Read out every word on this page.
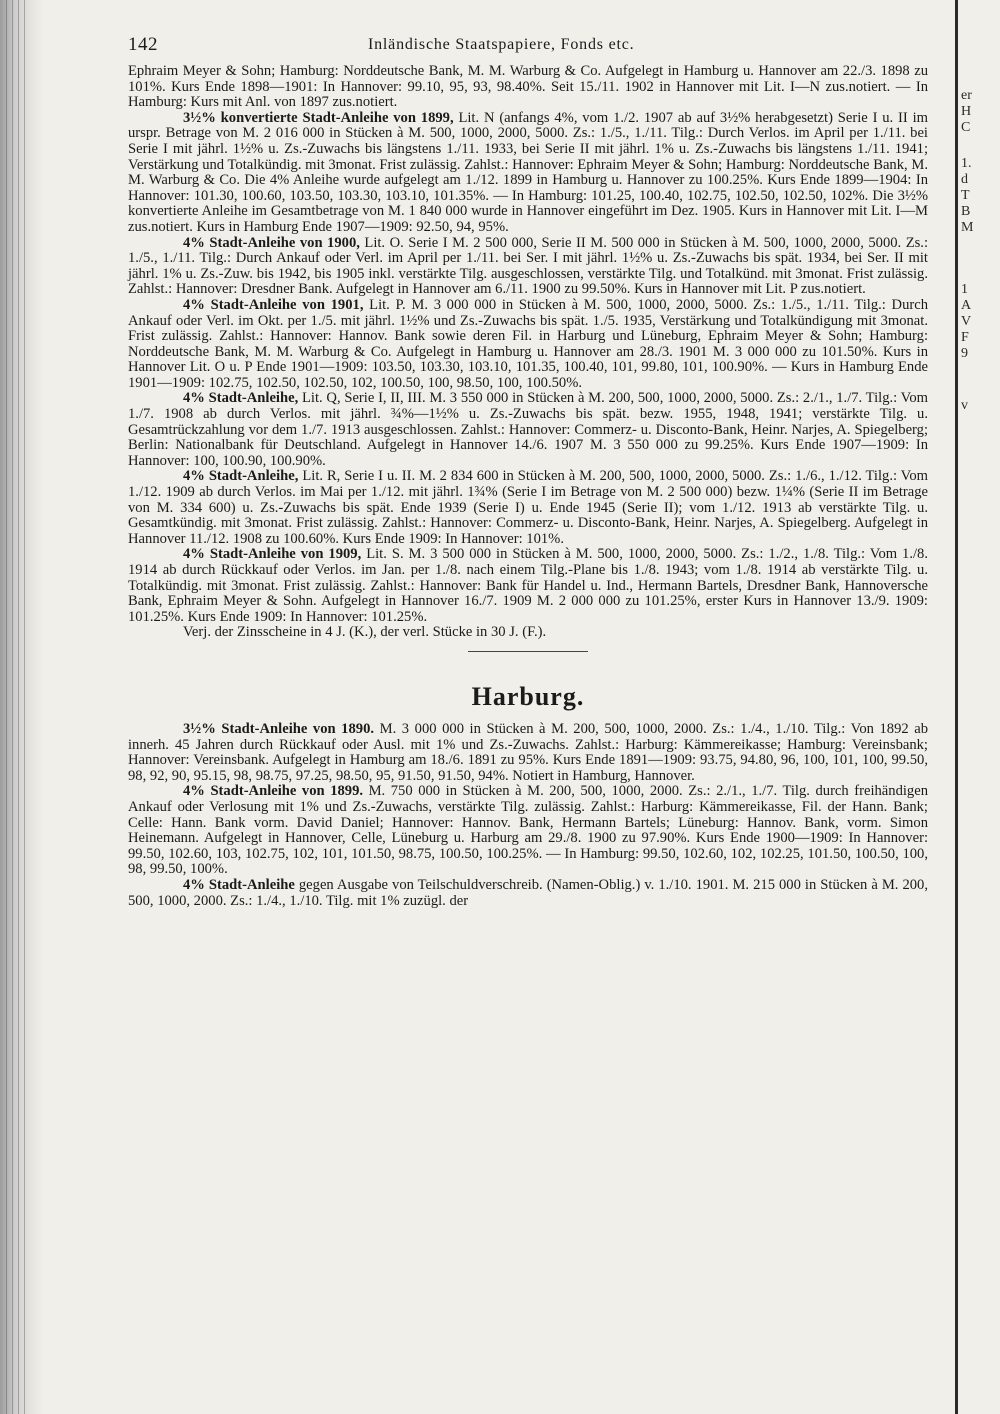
er
H
C
1.
d
T
B
M
1
A
V
F
9
v
142	Inländische Staatspapiere, Fonds etc.

Ephraim Meyer & Sohn; Hamburg: Norddeutsche Bank, M. M. Warburg & Co. Aufgelegt in Hamburg u. Hannover am 22./3. 1898 zu 101%. Kurs Ende 1898—1901: In Hannover: 99.10, 95, 93, 98.40%. Seit 15./11. 1902 in Hannover mit Lit. I—N zus.notiert. — In Hamburg: Kurs mit Anl. von 1897 zus.notiert.

3½% konvertierte Stadt-Anleihe von 1899, Lit. N (anfangs 4%, vom 1./2. 1907 ab auf 3½% herabgesetzt) Serie I u. II im urspr. Betrage von M. 2 016 000 in Stücken à M. 500, 1000, 2000, 5000. Zs.: 1./5., 1./11. Tilg.: Durch Verlos. im April per 1./11. bei Serie I mit jährl. 1½% u. Zs.-Zuwachs bis längstens 1./11. 1933, bei Serie II mit jährl. 1% u. Zs.-Zuwachs bis längstens 1./11. 1941; Verstärkung und Totalkündig. mit 3monat. Frist zulässig. Zahlst.: Hannover: Ephraim Meyer & Sohn; Hamburg: Norddeutsche Bank, M. M. Warburg & Co. Die 4% Anleihe wurde aufgelegt am 1./12. 1899 in Hamburg u. Hannover zu 100.25%. Kurs Ende 1899—1904: In Hannover: 101.30, 100.60, 103.50, 103.30, 103.10, 101.35%. — In Hamburg: 101.25, 100.40, 102.75, 102.50, 102.50, 102%. Die 3½% konvertierte Anleihe im Gesamtbetrage von M. 1 840 000 wurde in Hannover eingeführt im Dez. 1905. Kurs in Hannover mit Lit. I—M zus.notiert. Kurs in Hamburg Ende 1907—1909: 92.50, 94, 95%.

4% Stadt-Anleihe von 1900, Lit. O. Serie I M. 2 500 000, Serie II M. 500 000 in Stücken à M. 500, 1000, 2000, 5000. Zs.: 1./5., 1./11. Tilg.: Durch Ankauf oder Verl. im April per 1./11. bei Ser. I mit jährl. 1½% u. Zs.-Zuwachs bis spät. 1934, bei Ser. II mit jährl. 1% u. Zs.-Zuw. bis 1942, bis 1905 inkl. verstärkte Tilg. ausgeschlossen, verstärkte Tilg. und Totalkünd. mit 3monat. Frist zulässig. Zahlst.: Hannover: Dresdner Bank. Aufgelegt in Hannover am 6./11. 1900 zu 99.50%. Kurs in Hannover mit Lit. P zus.notiert.

4% Stadt-Anleihe von 1901, Lit. P. M. 3 000 000 in Stücken à M. 500, 1000, 2000, 5000. Zs.: 1./5., 1./11. Tilg.: Durch Ankauf oder Verl. im Okt. per 1./5. mit jährl. 1½% und Zs.-Zuwachs bis spät. 1./5. 1935, Verstärkung und Totalkündigung mit 3monat. Frist zulässig. Zahlst.: Hannover: Hannov. Bank sowie deren Fil. in Harburg und Lüneburg, Ephraim Meyer & Sohn; Hamburg: Norddeutsche Bank, M. M. Warburg & Co. Aufgelegt in Hamburg u. Hannover am 28./3. 1901 M. 3 000 000 zu 101.50%. Kurs in Hannover Lit. O u. P Ende 1901—1909: 103.50, 103.30, 103.10, 101.35, 100.40, 101, 99.80, 101, 100.90%. — Kurs in Hamburg Ende 1901—1909: 102.75, 102.50, 102.50, 102, 100.50, 100, 98.50, 100, 100.50%.

4% Stadt-Anleihe, Lit. Q, Serie I, II, III. M. 3 550 000 in Stücken à M. 200, 500, 1000, 2000, 5000. Zs.: 2./1., 1./7. Tilg.: Vom 1./7. 1908 ab durch Verlos. mit jährl. ¾%—1½% u. Zs.-Zuwachs bis spät. bezw. 1955, 1948, 1941; verstärkte Tilg. u. Gesamtrückzahlung vor dem 1./7. 1913 ausgeschlossen. Zahlst.: Hannover: Commerz- u. Disconto-Bank, Heinr. Narjes, A. Spiegelberg; Berlin: Nationalbank für Deutschland. Aufgelegt in Hannover 14./6. 1907 M. 3 550 000 zu 99.25%. Kurs Ende 1907—1909: In Hannover: 100, 100.90, 100.90%.

4% Stadt-Anleihe, Lit. R, Serie I u. II. M. 2 834 600 in Stücken à M. 200, 500, 1000, 2000, 5000. Zs.: 1./6., 1./12. Tilg.: Vom 1./12. 1909 ab durch Verlos. im Mai per 1./12. mit jährl. 1¾% (Serie I im Betrage von M. 2 500 000) bezw. 1¼% (Serie II im Betrage von M. 334 600) u. Zs.-Zuwachs bis spät. Ende 1939 (Serie I) u. Ende 1945 (Serie II); vom 1./12. 1913 ab verstärkte Tilg. u. Gesamtkündig. mit 3monat. Frist zulässig. Zahlst.: Hannover: Commerz- u. Disconto-Bank, Heinr. Narjes, A. Spiegelberg. Aufgelegt in Hannover 11./12. 1908 zu 100.60%. Kurs Ende 1909: In Hannover: 101%.

4% Stadt-Anleihe von 1909, Lit. S. M. 3 500 000 in Stücken à M. 500, 1000, 2000, 5000. Zs.: 1./2., 1./8. Tilg.: Vom 1./8. 1914 ab durch Rückkauf oder Verlos. im Jan. per 1./8. nach einem Tilg.-Plane bis 1./8. 1943; vom 1./8. 1914 ab verstärkte Tilg. u. Totalkündig. mit 3monat. Frist zulässig. Zahlst.: Hannover: Bank für Handel u. Ind., Hermann Bartels, Dresdner Bank, Hannoversche Bank, Ephraim Meyer & Sohn. Aufgelegt in Hannover 16./7. 1909 M. 2 000 000 zu 101.25%, erster Kurs in Hannover 13./9. 1909: 101.25%. Kurs Ende 1909: In Hannover: 101.25%.

Verj. der Zinsscheine in 4 J. (K.), der verl. Stücke in 30 J. (F.).

Harburg.

3½% Stadt-Anleihe von 1890. M. 3 000 000 in Stücken à M. 200, 500, 1000, 2000. Zs.: 1./4., 1./10. Tilg.: Von 1892 ab innerh. 45 Jahren durch Rückkauf oder Ausl. mit 1% und Zs.-Zuwachs. Zahlst.: Harburg: Kämmereikasse; Hamburg: Vereinsbank; Hannover: Vereinsbank. Aufgelegt in Hamburg am 18./6. 1891 zu 95%. Kurs Ende 1891—1909: 93.75, 94.80, 96, 100, 101, 100, 99.50, 98, 92, 90, 95.15, 98, 98.75, 97.25, 98.50, 95, 91.50, 91.50, 94%. Notiert in Hamburg, Hannover.

4% Stadt-Anleihe von 1899. M. 750 000 in Stücken à M. 200, 500, 1000, 2000. Zs.: 2./1., 1./7. Tilg. durch freihändigen Ankauf oder Verlosung mit 1% und Zs.-Zuwachs, verstärkte Tilg. zulässig. Zahlst.: Harburg: Kämmereikasse, Fil. der Hann. Bank; Celle: Hann. Bank vorm. David Daniel; Hannover: Hannov. Bank, Hermann Bartels; Lüneburg: Hannov. Bank, vorm. Simon Heinemann. Aufgelegt in Hannover, Celle, Lüneburg u. Harburg am 29./8. 1900 zu 97.90%. Kurs Ende 1900—1909: In Hannover: 99.50, 102.60, 103, 102.75, 102, 101, 101.50, 98.75, 100.50, 100.25%. — In Hamburg: 99.50, 102.60, 102, 102.25, 101.50, 100.50, 100, 98, 99.50, 100%.

4% Stadt-Anleihe gegen Ausgabe von Teilschuldverschreib. (Namen-Oblig.) v. 1./10. 1901. M. 215 000 in Stücken à M. 200, 500, 1000, 2000. Zs.: 1./4., 1./10. Tilg. mit 1% zuzügl. der
